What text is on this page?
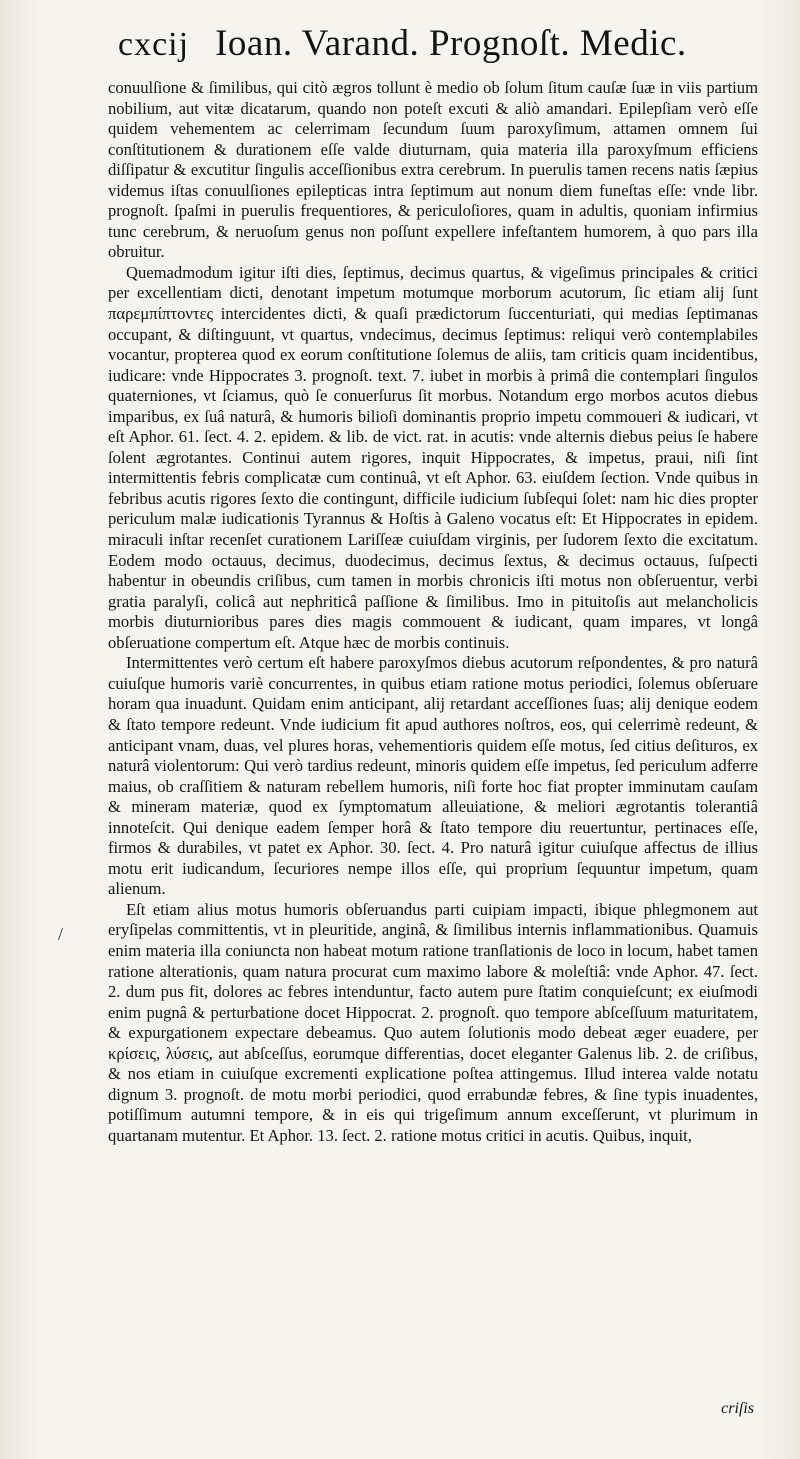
cxcij Ioan. Varand. Prognoſt. Medic.

conuulſione & ſimilibus, qui citò ægros tollunt è medio ob ſolum ſitum cauſæ ſuæ in viis partium nobilium, aut vitæ dicatarum, quando non poteſt excuti & aliò amandari. Epilepſiam verò eſſe quidem vehementem ac celerrimam ſecundum ſuum paroxyſimum, attamen omnem ſui conſtitutionem & durationem eſſe valde diuturnam, quia materia illa paroxyſmum efficiens diſſipatur & excutitur ſingulis acceſſionibus extra cerebrum. In puerulis tamen recens natis ſæpius videmus iſtas conuulſiones epilepticas intra ſeptimum aut nonum diem funeſtas eſſe: vnde libr. prognoſt. ſpaſmi in puerulis frequentiores, & periculoſiores, quam in adultis, quoniam infirmius tunc cerebrum, & neruoſum genus non poſſunt expellere infeſtantem humorem, à quo pars illa obruitur.

Quemadmodum igitur iſti dies, ſeptimus, decimus quartus, & vigeſimus principales & critici per excellentiam dicti, denotant impetum motumque morborum acutorum, ſic etiam alij ſunt παρεμπίπτοντες intercidentes dicti, & quaſi prædictorum ſuccenturiati, qui medias ſeptimanas occupant, & diſtinguunt, vt quartus, vndecimus, decimus ſeptimus: reliqui verò contemplabiles vocantur, propterea quod ex eorum conſtitutione ſolemus de aliis, tam criticis quam incidentibus, iudicare: vnde Hippocrates 3. prognoſt. text. 7. iubet in morbis à primâ die contemplari ſingulos quaterniones, vt ſciamus, quò ſe conuerſurus ſit morbus. Notandum ergo morbos acutos diebus imparibus, ex ſuâ naturâ, & humoris bilioſi dominantis proprio impetu commoueri & iudicari, vt eſt Aphor. 61. ſect. 4. 2. epidem. & lib. de vict. rat. in acutis: vnde alternis diebus peius ſe habere ſolent ægrotantes. Continui autem rigores, inquit Hippocrates, & impetus, praui, niſi ſint intermittentis febris complicatæ cum continuâ, vt eſt Aphor. 63. eiuſdem ſection. Vnde quibus in febribus acutis rigores ſexto die contingunt, difficile iudicium ſubſequi ſolet: nam hic dies propter periculum malæ iudicationis Tyrannus & Hoſtis à Galeno vocatus eſt: Et Hippocrates in epidem. miraculi inſtar recenſet curationem Lariſſeæ cuiuſdam virginis, per ſudorem ſexto die excitatum. Eodem modo octauus, decimus, duodecimus, decimus ſextus, & decimus octauus, ſuſpecti habentur in obeundis criſibus, cum tamen in morbis chronicis iſti motus non obſeruentur, verbi gratia paralyſi, colicâ aut nephriticâ paſſione & ſimilibus. Imo in pituitoſis aut melancholicis morbis diuturnioribus pares dies magis commouent & iudicant, quam impares, vt longâ obſeruatione compertum eſt. Atque hæc de morbis continuis.

Intermittentes verò certum eſt habere paroxyſmos diebus acutorum reſpondentes, & pro naturâ cuiuſque humoris variè concurrentes, in quibus etiam ratione motus periodici, ſolemus obſeruare horam qua inuadunt. Quidam enim anticipant, alij retardant acceſſiones ſuas; alij denique eodem & ſtato tempore redeunt. Vnde iudicium fit apud authores noſtros, eos, qui celerrimè redeunt, & anticipant vnam, duas, vel plures horas, vehementioris quidem eſſe motus, ſed citius deſituros, ex naturâ violentorum: Qui verò tardius redeunt, minoris quidem eſſe impetus, ſed periculum adferre maius, ob craſſitiem & naturam rebellem humoris, niſi forte hoc fiat propter imminutam cauſam & mineram materiæ, quod ex ſymptomatum alleuiatione, & meliori ægrotantis tolerantiâ innoteſcit. Qui denique eadem ſemper horâ & ſtato tempore diu reuertuntur, pertinaces eſſe, firmos & durabiles, vt patet ex Aphor. 30. ſect. 4. Pro naturâ igitur cuiuſque affectus de illius motu erit iudicandum, ſecuriores nempe illos eſſe, qui proprium ſequuntur impetum, quam alienum.

Eſt etiam alius motus humoris obſeruandus parti cuipiam impacti, ibique phlegmonem aut eryſipelas committentis, vt in pleuritide, anginâ, & ſimilibus internis inflammationibus. Quamuis enim materia illa coniuncta non habeat motum ratione tranſlationis de loco in locum, habet tamen ratione alterationis, quam natura procurat cum maximo labore & moleſtiâ: vnde Aphor. 47. ſect. 2. dum pus fit, dolores ac febres intenduntur, facto autem pure ſtatim conquieſcunt; ex eiuſmodi enim pugnâ & perturbatione docet Hippocrat. 2. prognoſt. quo tempore abſceſſuum maturitatem, & expurgationem expectare debeamus. Quo autem ſolutionis modo debeat æger euadere, per κρίσεις, λύσεις, aut abſceſſus, eorumque differentias, docet eleganter Galenus lib. 2. de criſibus, & nos etiam in cuiuſque excrementi explicatione poſtea attingemus. Illud interea valde notatu dignum 3. prognoſt. de motu morbi periodici, quod errabundæ febres, & ſine typis inuadentes, potiſſimum autumni tempore, & in eis qui trigeſimum annum exceſſerunt, vt plurimum in quartanam mutentur. Et Aphor. 13. ſect. 2. ratione motus critici in acutis. Quibus, inquit,

/
criſis
